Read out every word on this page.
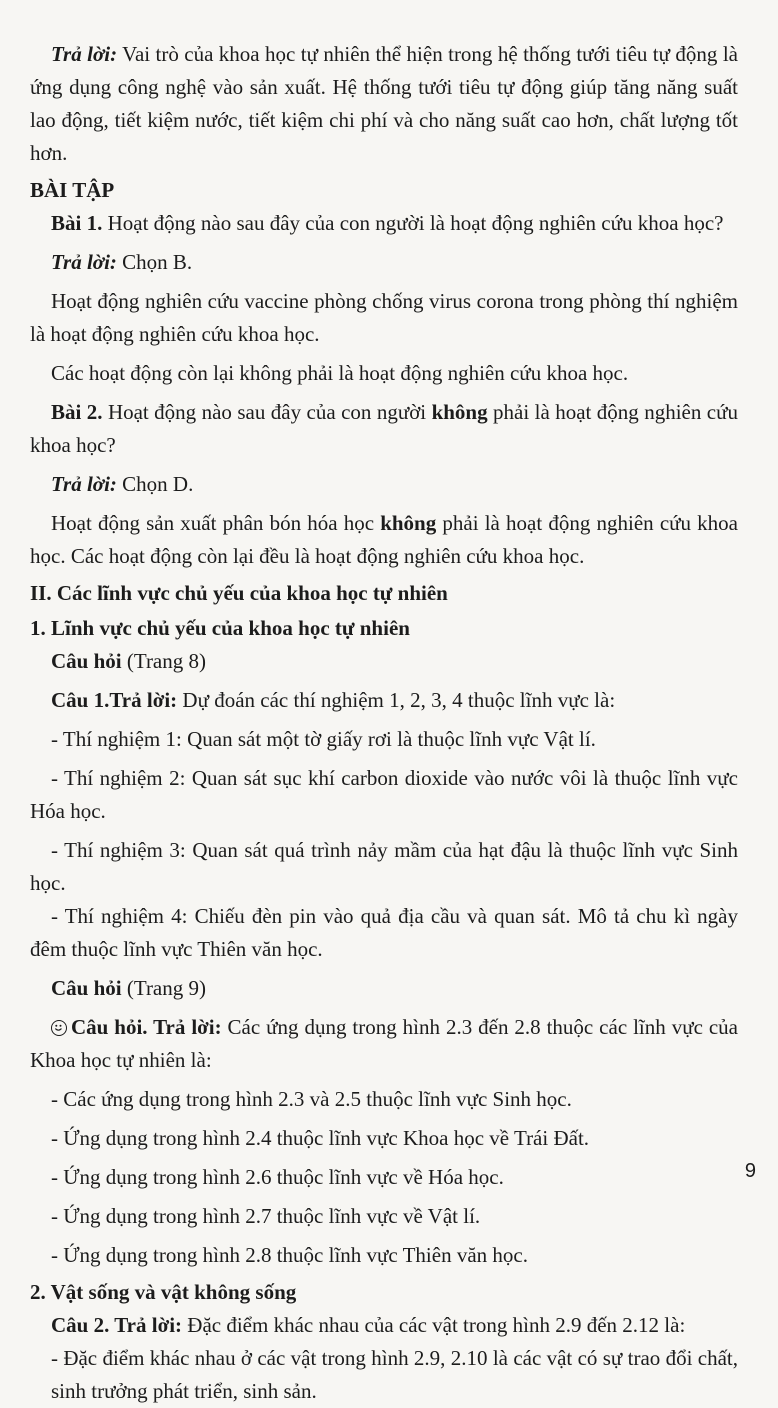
Trả lời: Vai trò của khoa học tự nhiên thể hiện trong hệ thống tưới tiêu tự động là ứng dụng công nghệ vào sản xuất. Hệ thống tưới tiêu tự động giúp tăng năng suất lao động, tiết kiệm nước, tiết kiệm chi phí và cho năng suất cao hơn, chất lượng tốt hơn.

BÀI TẬP

Bài 1. Hoạt động nào sau đây của con người là hoạt động nghiên cứu khoa học?

Trả lời: Chọn B.

Hoạt động nghiên cứu vaccine phòng chống virus corona trong phòng thí nghiệm là hoạt động nghiên cứu khoa học.

Các hoạt động còn lại không phải là hoạt động nghiên cứu khoa học.

Bài 2. Hoạt động nào sau đây của con người không phải là hoạt động nghiên cứu khoa học?

Trả lời: Chọn D.

Hoạt động sản xuất phân bón hóa học không phải là hoạt động nghiên cứu khoa học. Các hoạt động còn lại đều là hoạt động nghiên cứu khoa học.

II. Các lĩnh vực chủ yếu của khoa học tự nhiên

1. Lĩnh vực chủ yếu của khoa học tự nhiên

Câu hỏi (Trang 8)

Câu 1.Trả lời: Dự đoán các thí nghiệm 1, 2, 3, 4 thuộc lĩnh vực là:

- Thí nghiệm 1: Quan sát một tờ giấy rơi là thuộc lĩnh vực Vật lí.

- Thí nghiệm 2: Quan sát sục khí carbon dioxide vào nước vôi là thuộc lĩnh vực Hóa học.

- Thí nghiệm 3: Quan sát quá trình nảy mầm của hạt đậu là thuộc lĩnh vực Sinh học.

- Thí nghiệm 4: Chiếu đèn pin vào quả địa cầu và quan sát. Mô tả chu kì ngày đêm thuộc lĩnh vực Thiên văn học.

Câu hỏi (Trang 9)

Câu hỏi. Trả lời: Các ứng dụng trong hình 2.3 đến 2.8 thuộc các lĩnh vực của Khoa học tự nhiên là:

- Các ứng dụng trong hình 2.3 và 2.5 thuộc lĩnh vực Sinh học.

- Ứng dụng trong hình 2.4 thuộc lĩnh vực Khoa học về Trái Đất.

- Ứng dụng trong hình 2.6 thuộc lĩnh vực về Hóa học.

- Ứng dụng trong hình 2.7 thuộc lĩnh vực về Vật lí.

- Ứng dụng trong hình 2.8 thuộc lĩnh vực Thiên văn học.

2. Vật sống và vật không sống

Câu 2. Trả lời: Đặc điểm khác nhau của các vật trong hình 2.9 đến 2.12 là:

- Đặc điểm khác nhau ở các vật trong hình 2.9, 2.10 là các vật có sự trao đổi chất, sinh trưởng phát triển, sinh sản.

9
